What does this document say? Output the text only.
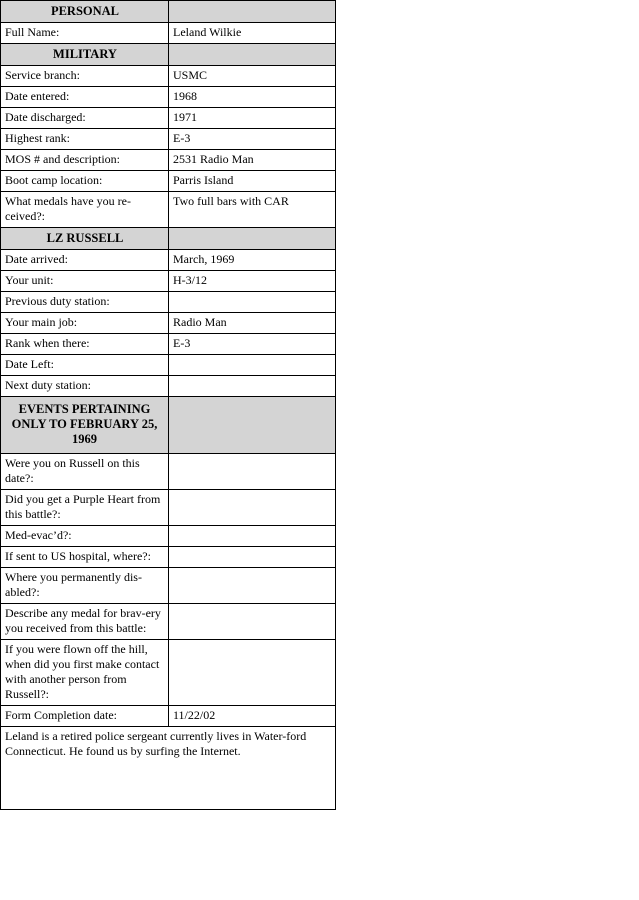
PERSONAL	
Full Name:	Leland Wilkie
MILITARY	
Service branch:	USMC
Date entered:	1968
Date discharged:	1971
Highest rank:	E-3
MOS # and description:	2531 Radio Man
Boot camp location:	Parris Island
What medals have you re-ceived?:	Two full bars with CAR
LZ RUSSELL	
Date arrived:	March, 1969
Your unit:	H-3/12
Previous duty station:	
Your main job:	Radio Man
Rank when there:	E-3
Date Left:	
Next duty station:	
EVENTS PERTAINING ONLY TO FEBRUARY 25, 1969	
Were you on Russell on this date?:	
Did you get a Purple Heart from this battle?:	
Med-evac’d?:	
If sent to US hospital, where?:	
Where you permanently dis-abled?:	
Describe any medal for brav-ery you received from this battle:	
If you were flown off the hill, when did you first make contact with another person from Russell?:	
Form Completion date:	11/22/02
Leland is a retired police sergeant currently lives in Water-ford Connecticut. He found us by surfing the Internet.	
